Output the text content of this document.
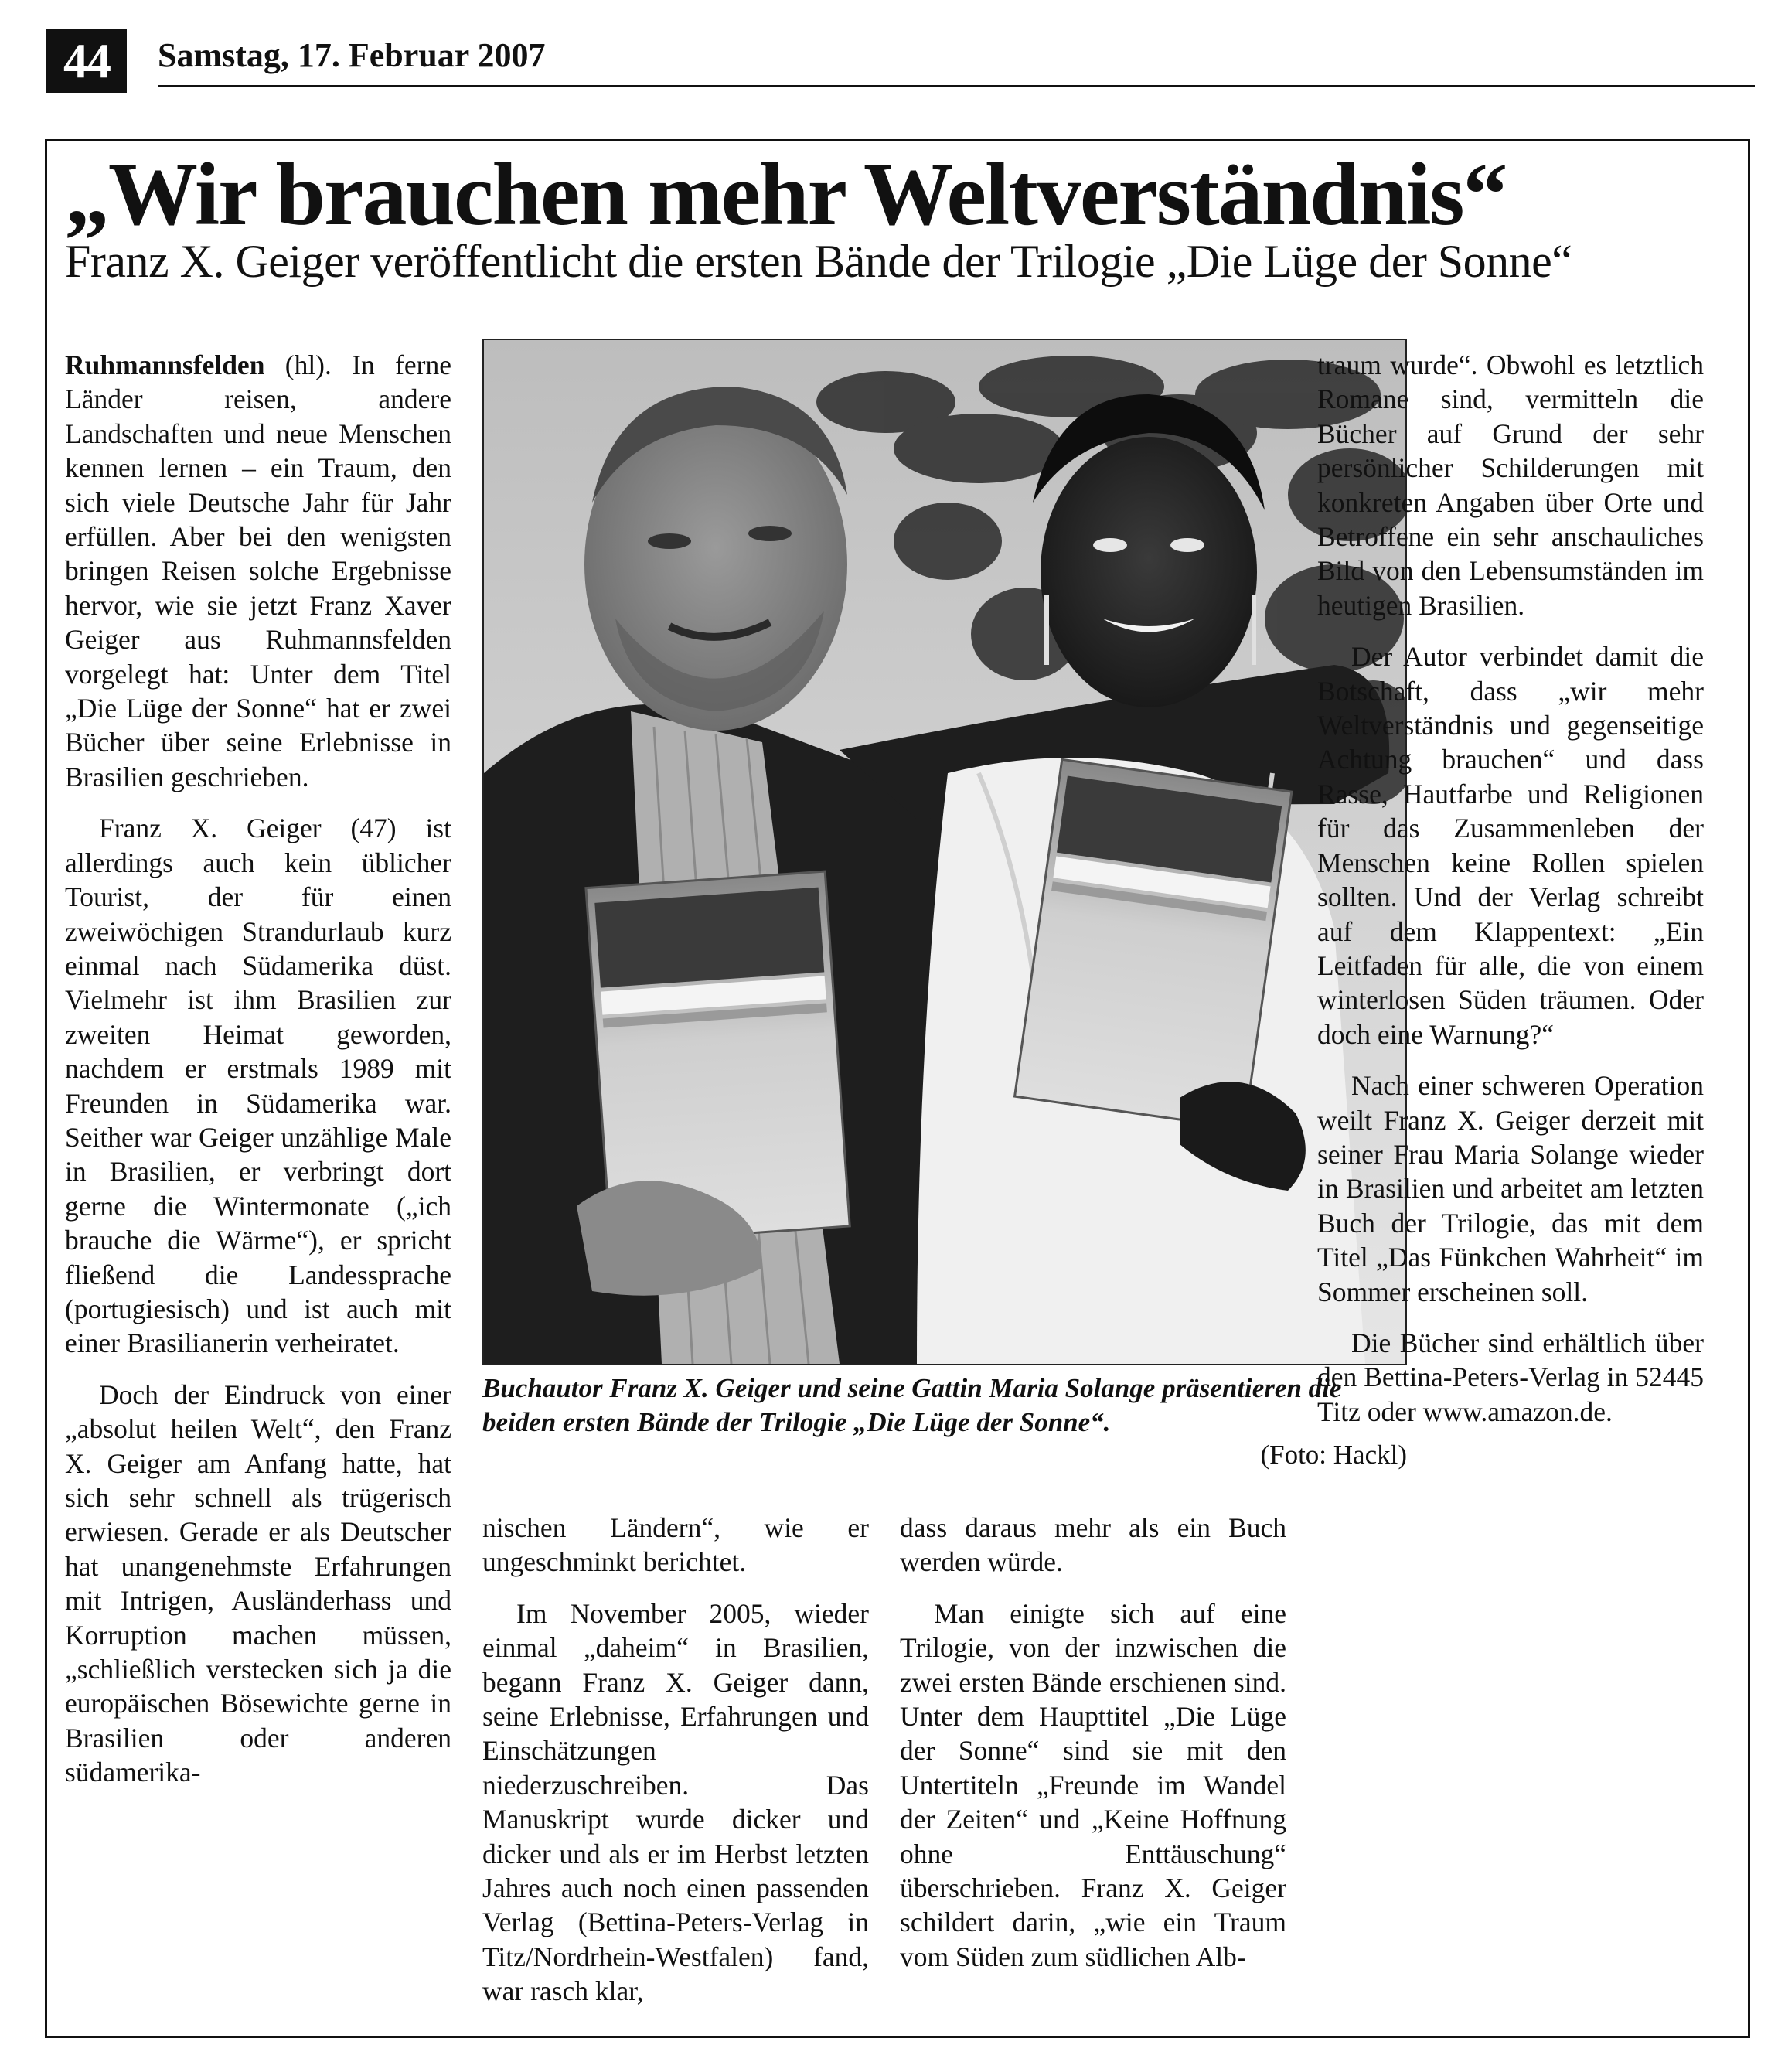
44	Samstag, 17. Februar 2007
„Wir brauchen mehr Weltverständnis“
Franz X. Geiger veröffentlicht die ersten Bände der Trilogie „Die Lüge der Sonne“

Ruhmannsfelden (hl). In ferne Länder reisen, andere Landschaften und neue Menschen kennen lernen – ein Traum, den sich viele Deutsche Jahr für Jahr erfüllen. Aber bei den wenigsten bringen Reisen solche Ergebnisse hervor, wie sie jetzt Franz Xaver Geiger aus Ruhmannsfelden vorgelegt hat: Unter dem Titel „Die Lüge der Sonne“ hat er zwei Bücher über seine Erlebnisse in Brasilien geschrieben.

Franz X. Geiger (47) ist allerdings auch kein üblicher Tourist, der für einen zweiwöchigen Strandurlaub kurz einmal nach Südamerika düst. Vielmehr ist ihm Brasilien zur zweiten Heimat geworden, nachdem er erstmals 1989 mit Freunden in Südamerika war. Seither war Geiger unzählige Male in Brasilien, er verbringt dort gerne die Wintermonate („ich brauche die Wärme“), er spricht fließend die Landessprache (portugiesisch) und ist auch mit einer Brasilianerin verheiratet.

Doch der Eindruck von einer „absolut heilen Welt“, den Franz X. Geiger am Anfang hatte, hat sich sehr schnell als trügerisch erwiesen. Gerade er als Deutscher hat unangenehmste Erfahrungen mit Intrigen, Ausländerhass und Korruption machen müssen, „schließlich verstecken sich ja die europäischen Bösewichte gerne in Brasilien oder anderen südamerika-

Buchautor Franz X. Geiger und seine Gattin Maria Solange präsentieren die beiden ersten Bände der Trilogie „Die Lüge der Sonne“.
(Foto: Hackl)

nischen Ländern“, wie er ungeschminkt berichtet.

Im November 2005, wieder einmal „daheim“ in Brasilien, begann Franz X. Geiger dann, seine Erlebnisse, Erfahrungen und Einschätzungen niederzuschreiben. Das Manuskript wurde dicker und dicker und als er im Herbst letzten Jahres auch noch einen passenden Verlag (Bettina-Peters-Verlag in Titz/Nordrhein-Westfalen) fand, war rasch klar,

dass daraus mehr als ein Buch werden würde.

Man einigte sich auf eine Trilogie, von der inzwischen die zwei ersten Bände erschienen sind. Unter dem Haupttitel „Die Lüge der Sonne“ sind sie mit den Untertiteln „Freunde im Wandel der Zeiten“ und „Keine Hoffnung ohne Enttäuschung“ überschrieben. Franz X. Geiger schildert darin, „wie ein Traum vom Süden zum südlichen Alb-

traum wurde“. Obwohl es letztlich Romane sind, vermitteln die Bücher auf Grund der sehr persönlicher Schilderungen mit konkreten Angaben über Orte und Betroffene ein sehr anschauliches Bild von den Lebensumständen im heutigen Brasilien.

Der Autor verbindet damit die Botschaft, dass „wir mehr Weltverständnis und gegenseitige Achtung brauchen“ und dass Rasse, Hautfarbe und Religionen für das Zusammenleben der Menschen keine Rollen spielen sollten. Und der Verlag schreibt auf dem Klappentext: „Ein Leitfaden für alle, die von einem winterlosen Süden träumen. Oder doch eine Warnung?“

Nach einer schweren Operation weilt Franz X. Geiger derzeit mit seiner Frau Maria Solange wieder in Brasilien und arbeitet am letzten Buch der Trilogie, das mit dem Titel „Das Fünkchen Wahrheit“ im Sommer erscheinen soll.

Die Bücher sind erhältlich über den Bettina-Peters-Verlag in 52445 Titz oder www.amazon.de.
